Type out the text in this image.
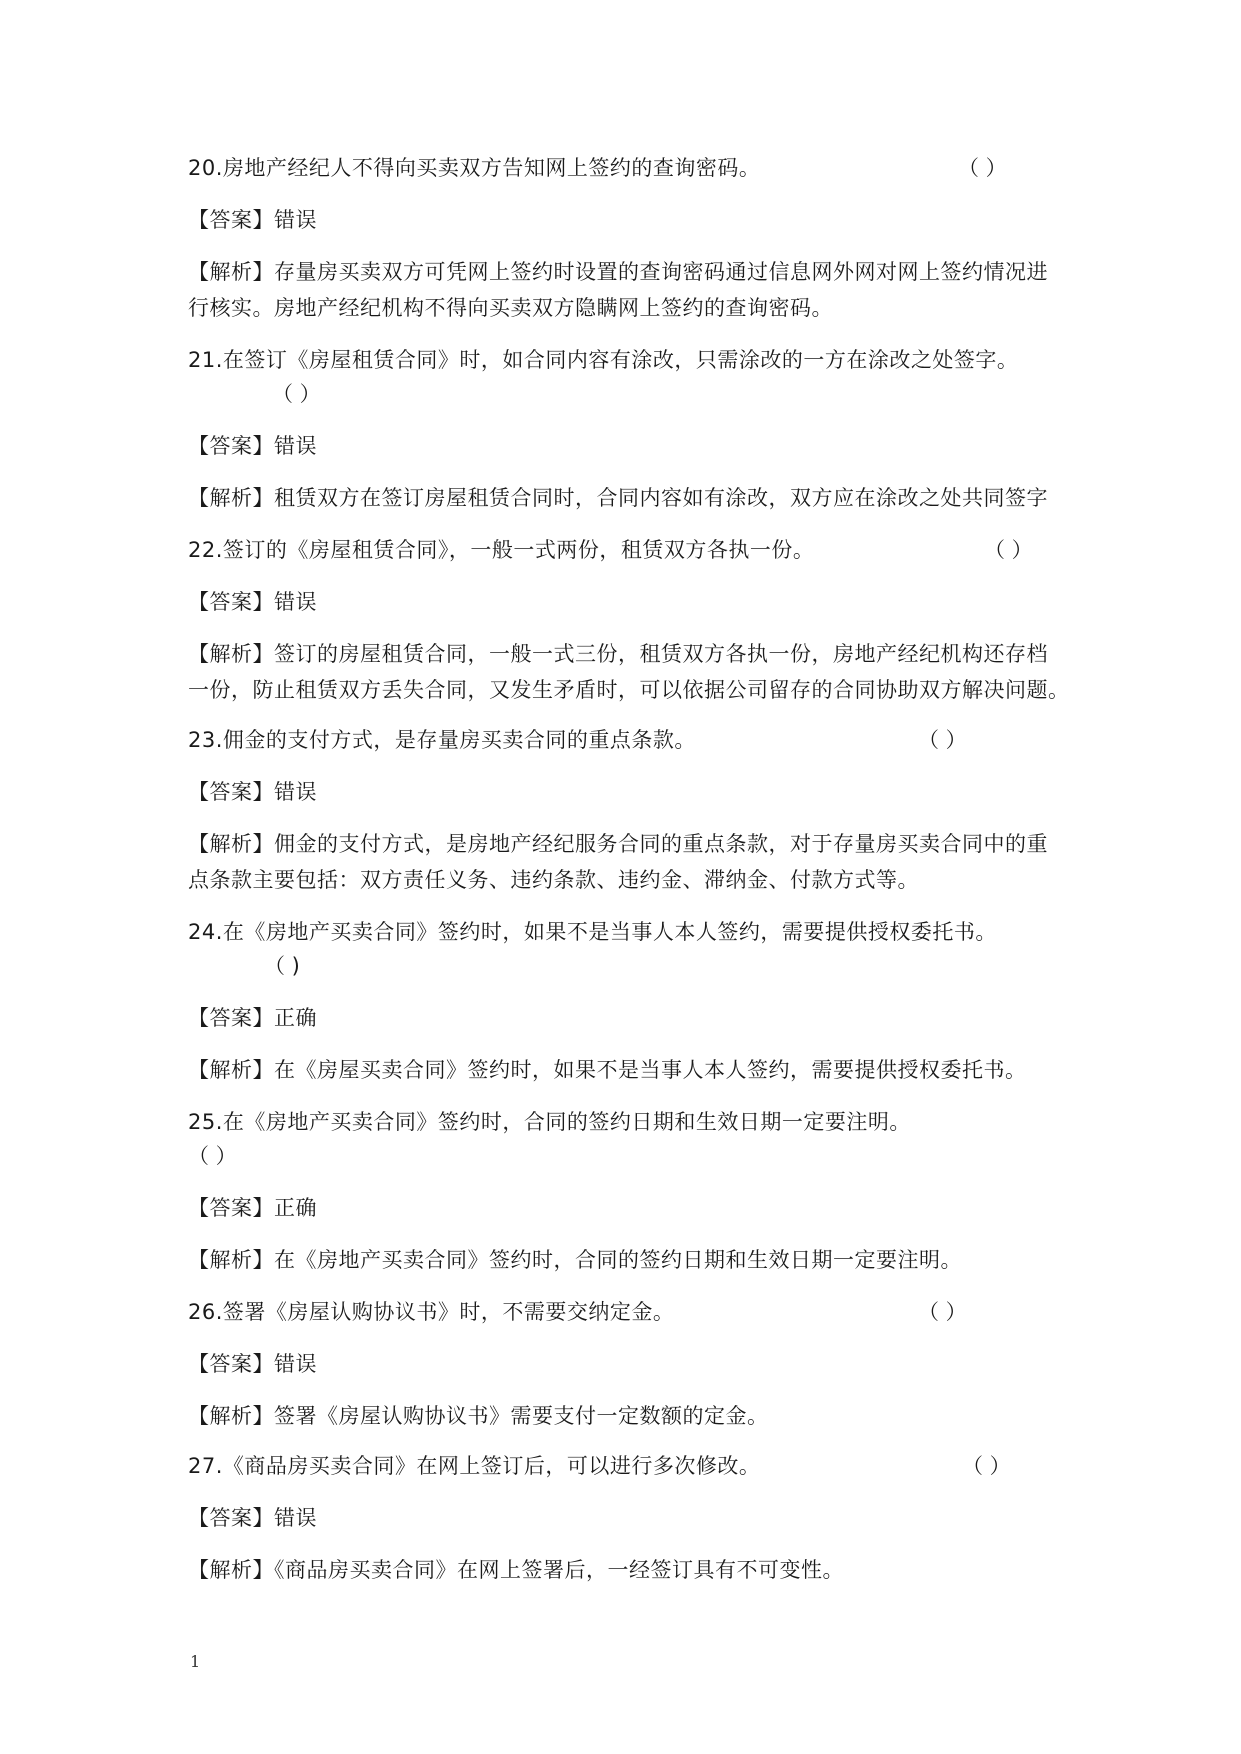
20.房地产经纪人不得向买卖双方告知网上签约的查询密码。	（ ）
【答案】错误
【解析】存量房买卖双方可凭网上签约时设置的查询密码通过信息网外网对网上签约情况进
行核实。房地产经纪机构不得向买卖双方隐瞒网上签约的查询密码。
21.在签订《房屋租赁合同》时，如合同内容有涂改，只需涂改的一方在涂改之处签字。
（ ）
【答案】错误
【解析】租赁双方在签订房屋租赁合同时，合同内容如有涂改，双方应在涂改之处共同签字
22.签订的《房屋租赁合同》，一般一式两份，租赁双方各执一份。	（ ）
【答案】错误
【解析】签订的房屋租赁合同，一般一式三份，租赁双方各执一份，房地产经纪机构还存档
一份，防止租赁双方丢失合同，又发生矛盾时，可以依据公司留存的合同协助双方解决问题。
23.佣金的支付方式，是存量房买卖合同的重点条款。	（ ）
【答案】错误
【解析】佣金的支付方式，是房地产经纪服务合同的重点条款，对于存量房买卖合同中的重
点条款主要包括：双方责任义务、违约条款、违约金、滞纳金、付款方式等。
24.在《房地产买卖合同》签约时，如果不是当事人本人签约，需要提供授权委托书。
（ )
【答案】正确
【解析】在《房屋买卖合同》签约时，如果不是当事人本人签约，需要提供授权委托书。
25.在《房地产买卖合同》签约时，合同的签约日期和生效日期一定要注明。
（ ）
【答案】正确
【解析】在《房地产买卖合同》签约时，合同的签约日期和生效日期一定要注明。
26.签署《房屋认购协议书》时，不需要交纳定金。	（ ）
【答案】错误
【解析】签署《房屋认购协议书》需要支付一定数额的定金。
27.《商品房买卖合同》在网上签订后，可以进行多次修改。	（ ）
【答案】错误
【解析】《商品房买卖合同》在网上签署后，一经签订具有不可变性。
1
